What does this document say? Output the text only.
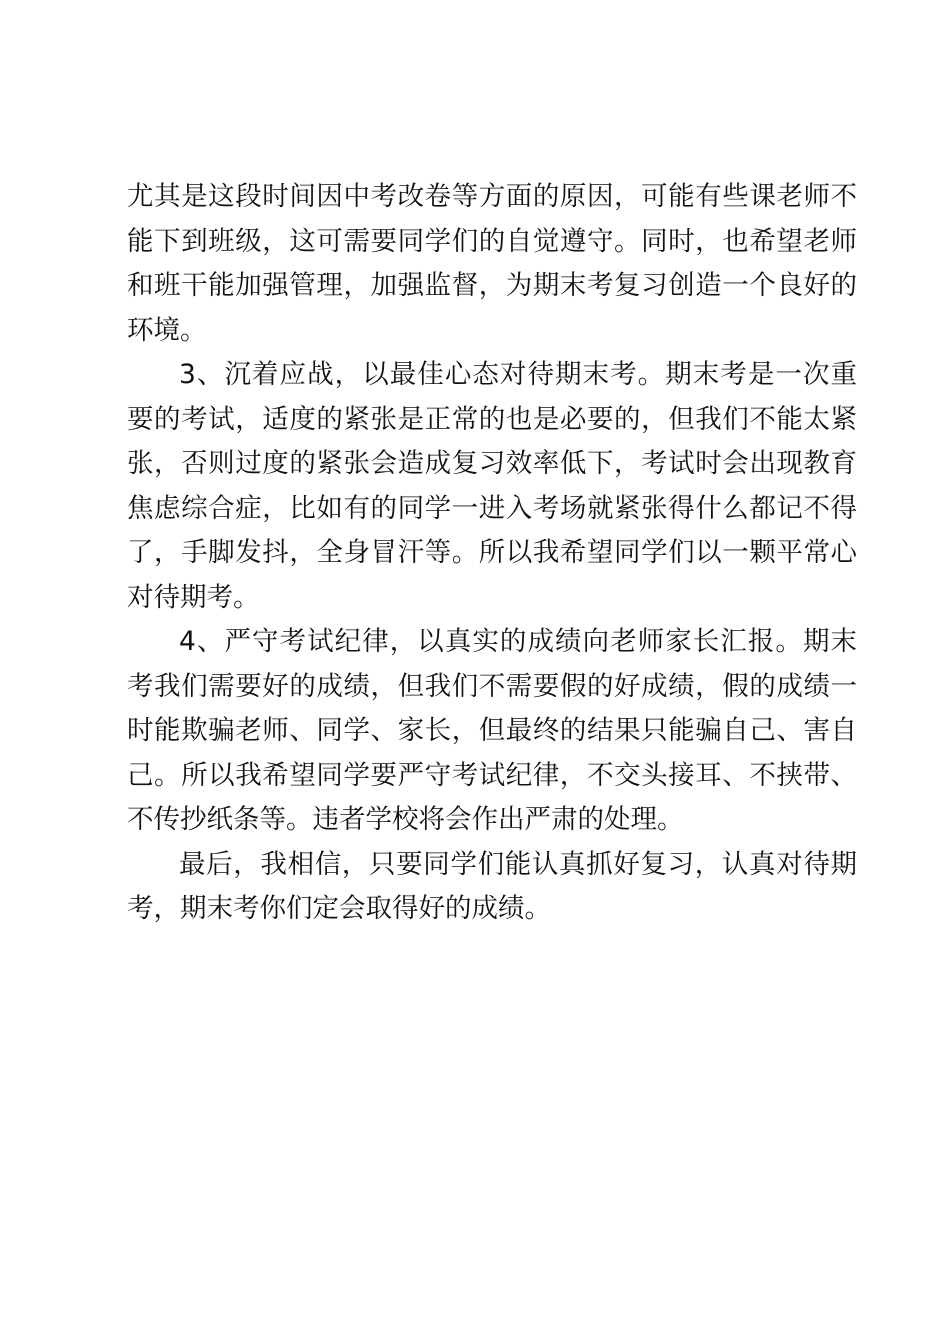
尤其是这段时间因中考改卷等方面的原因，可能有些课老师不能下到班级，这可需要同学们的自觉遵守。同时，也希望老师和班干能加强管理，加强监督，为期末考复习创造一个良好的环境。

3、沉着应战，以最佳心态对待期末考。期末考是一次重要的考试，适度的紧张是正常的也是必要的，但我们不能太紧张，否则过度的紧张会造成复习效率低下，考试时会出现教育焦虑综合症，比如有的同学一进入考场就紧张得什么都记不得了，手脚发抖，全身冒汗等。所以我希望同学们以一颗平常心对待期考。

4、严守考试纪律，以真实的成绩向老师家长汇报。期末考我们需要好的成绩，但我们不需要假的好成绩，假的成绩一时能欺骗老师、同学、家长，但最终的结果只能骗自己、害自己。所以我希望同学要严守考试纪律，不交头接耳、不挟带、不传抄纸条等。违者学校将会作出严肃的处理。

最后，我相信，只要同学们能认真抓好复习，认真对待期考，期末考你们定会取得好的成绩。
